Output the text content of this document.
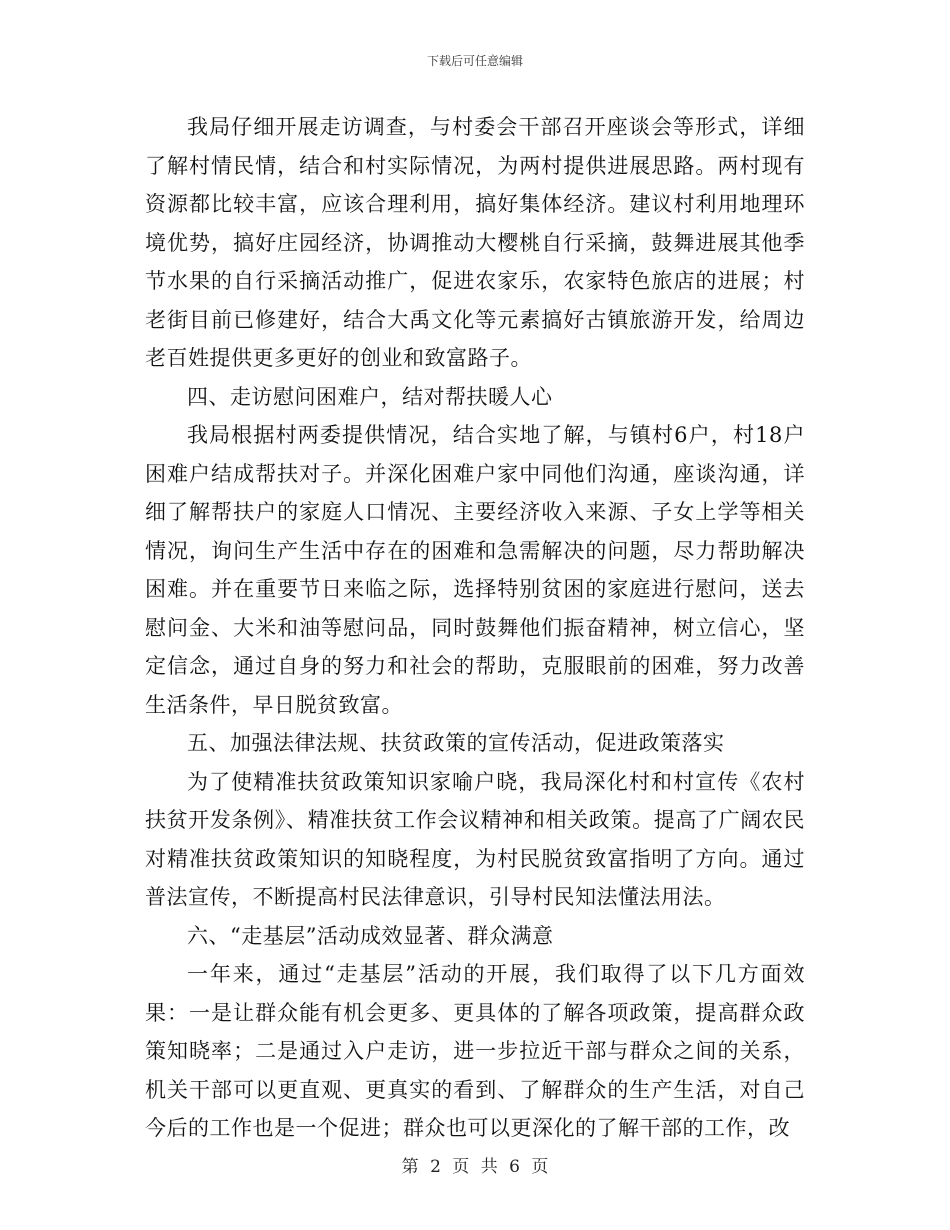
下载后可任意编辑

我局仔细开展走访调查，与村委会干部召开座谈会等形式，详细了解村情民情，结合和村实际情况，为两村提供进展思路。两村现有资源都比较丰富，应该合理利用，搞好集体经济。建议村利用地理环境优势，搞好庄园经济，协调推动大樱桃自行采摘，鼓舞进展其他季节水果的自行采摘活动推广，促进农家乐，农家特色旅店的进展；村老街目前已修建好，结合大禹文化等元素搞好古镇旅游开发，给周边老百姓提供更多更好的创业和致富路子。

四、走访慰问困难户，结对帮扶暖人心

我局根据村两委提供情况，结合实地了解，与镇村6户，村18户困难户结成帮扶对子。并深化困难户家中同他们沟通，座谈沟通，详细了解帮扶户的家庭人口情况、主要经济收入来源、子女上学等相关情况，询问生产生活中存在的困难和急需解决的问题，尽力帮助解决困难。并在重要节日来临之际，选择特别贫困的家庭进行慰问，送去慰问金、大米和油等慰问品，同时鼓舞他们振奋精神，树立信心，坚定信念，通过自身的努力和社会的帮助，克服眼前的困难，努力改善生活条件，早日脱贫致富。

五、加强法律法规、扶贫政策的宣传活动，促进政策落实

为了使精准扶贫政策知识家喻户晓，我局深化村和村宣传《农村扶贫开发条例》、精准扶贫工作会议精神和相关政策。提高了广阔农民对精准扶贫政策知识的知晓程度，为村民脱贫致富指明了方向。通过普法宣传，不断提高村民法律意识，引导村民知法懂法用法。

六、“走基层”活动成效显著、群众满意

一年来，通过“走基层”活动的开展，我们取得了以下几方面效果：一是让群众能有机会更多、更具体的了解各项政策，提高群众政策知晓率；二是通过入户走访，进一步拉近干部与群众之间的关系，机关干部可以更直观、更真实的看到、了解群众的生产生活，对自己今后的工作也是一个促进；群众也可以更深化的了解干部的工作，改

第 2 页 共 6 页
